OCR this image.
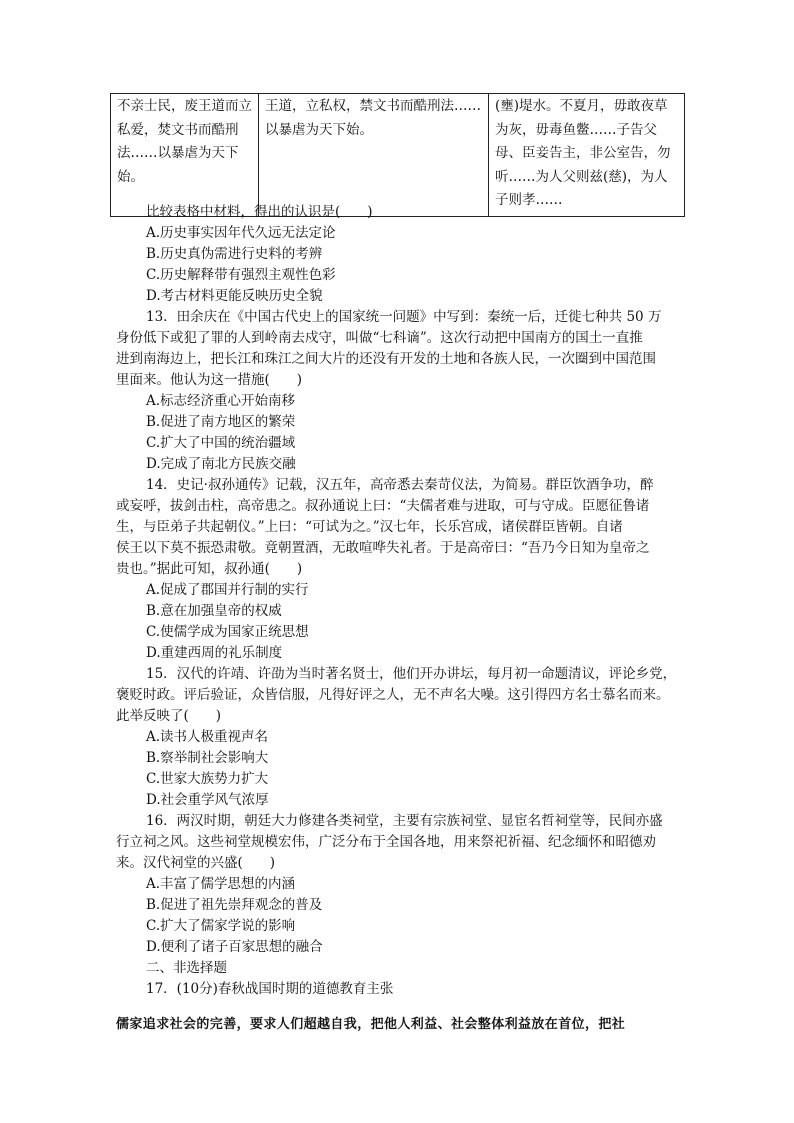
不亲士民，废王道而立私爱，焚文书而酷刑法……以暴虐为天下始。	王道，立私权，禁文书而酷刑法……以暴虐为天下始。	(壅)堤水。不夏月，毋敢夜草为灰，毋毒鱼鳖……子告父母、臣妾告主，非公室告，勿听……为人父则兹(慈)，为人子则孝……
比较表格中材料，得出的认识是(　　)
A.历史事实因年代久远无法定论
B.历史真伪需进行史料的考辨
C.历史解释带有强烈主观性色彩
D.考古材料更能反映历史全貌
13．田余庆在《中国古代史上的国家统一问题》中写到：秦统一后，迁徙七种共 50 万
身份低下或犯了罪的人到岭南去戍守，叫做“七科谪”。这次行动把中国南方的国土一直推
进到南海边上，把长江和珠江之间大片的还没有开发的土地和各族人民，一次圈到中国范围
里面来。他认为这一措施(　　)
A.标志经济重心开始南移
B.促进了南方地区的繁荣
C.扩大了中国的统治疆域
D.完成了南北方民族交融
14．史记·叔孙通传》记载，汉五年，高帝悉去秦苛仪法，为简易。群臣饮酒争功，醉
或妄呼，拔剑击柱，高帝患之。叔孙通说上曰：“夫儒者难与进取，可与守成。臣愿征鲁诸
生，与臣弟子共起朝仪。”上曰：“可试为之。”汉七年，长乐宫成，诸侯群臣皆朝。自诸
侯王以下莫不振恐肃敬。竟朝置酒，无敢喧哗失礼者。于是高帝曰：“吾乃今日知为皇帝之
贵也。”据此可知，叔孙通(　　)
A.促成了郡国并行制的实行
B.意在加强皇帝的权威
C.使儒学成为国家正统思想
D.重建西周的礼乐制度
15．汉代的许靖、许劭为当时著名贤士，他们开办讲坛，每月初一命题清议，评论乡党，
褒贬时政。评后验证，众皆信服，凡得好评之人，无不声名大噪。这引得四方名士慕名而来。
此举反映了(　　)
A.读书人极重视声名
B.察举制社会影响大
C.世家大族势力扩大
D.社会重学风气浓厚
16．两汉时期，朝廷大力修建各类祠堂，主要有宗族祠堂、显宦名哲祠堂等，民间亦盛
行立祠之风。这些祠堂规模宏伟，广泛分布于全国各地，用来祭祀祈福、纪念缅怀和昭德劝
来。汉代祠堂的兴盛(　　)
A.丰富了儒学思想的内涵
B.促进了祖先崇拜观念的普及
C.扩大了儒家学说的影响
D.便利了诸子百家思想的融合
二、非选择题
17．(10分)春秋战国时期的道德教育主张
儒家追求社会的完善，要求人们超越自我，把他人利益、社会整体利益放在首位，把社
